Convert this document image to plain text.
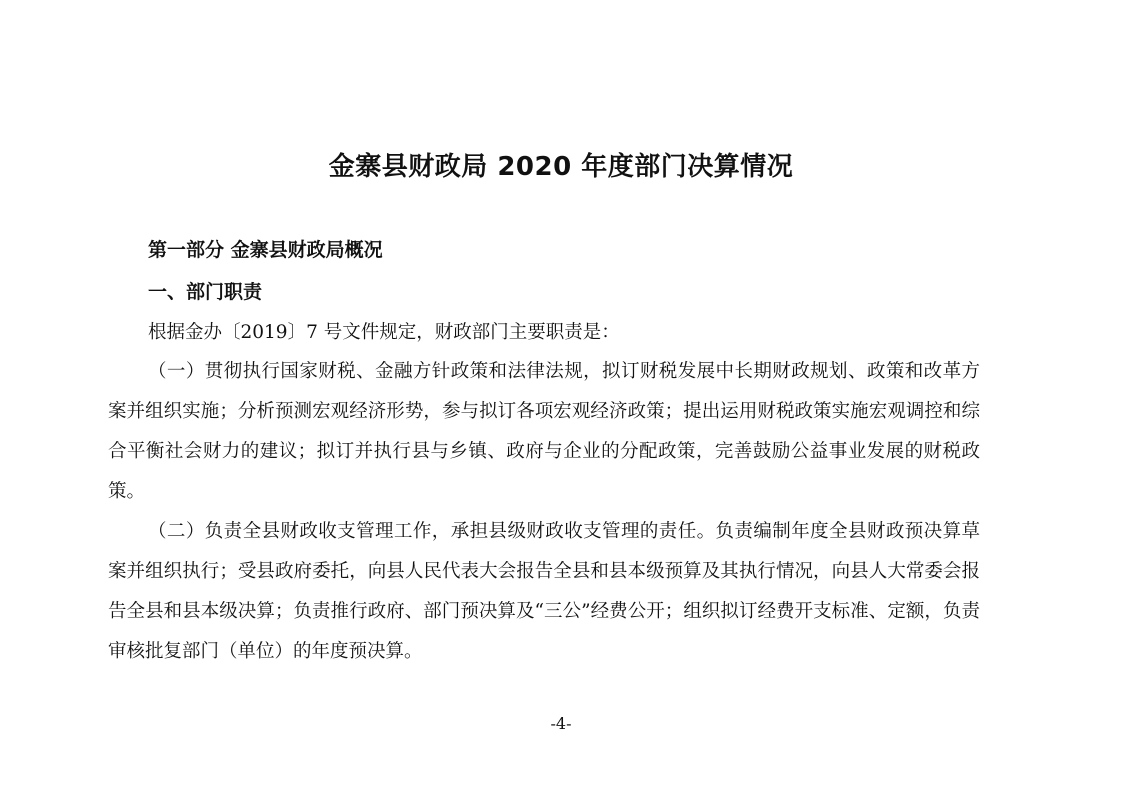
金寨县财政局 2020 年度部门决算情况
第一部分 金寨县财政局概况
一、部门职责

根据金办〔2019〕7 号文件规定，财政部门主要职责是：

（一）贯彻执行国家财税、金融方针政策和法律法规，拟订财税发展中长期财政规划、政策和改革方案并组织实施；分析预测宏观经济形势，参与拟订各项宏观经济政策；提出运用财税政策实施宏观调控和综合平衡社会财力的建议；拟订并执行县与乡镇、政府与企业的分配政策，完善鼓励公益事业发展的财税政策。

（二）负责全县财政收支管理工作，承担县级财政收支管理的责任。负责编制年度全县财政预决算草案并组织执行；受县政府委托，向县人民代表大会报告全县和县本级预算及其执行情况，向县人大常委会报告全县和县本级决算；负责推行政府、部门预决算及“三公”经费公开；组织拟订经费开支标准、定额，负责审核批复部门（单位）的年度预决算。

-4-
